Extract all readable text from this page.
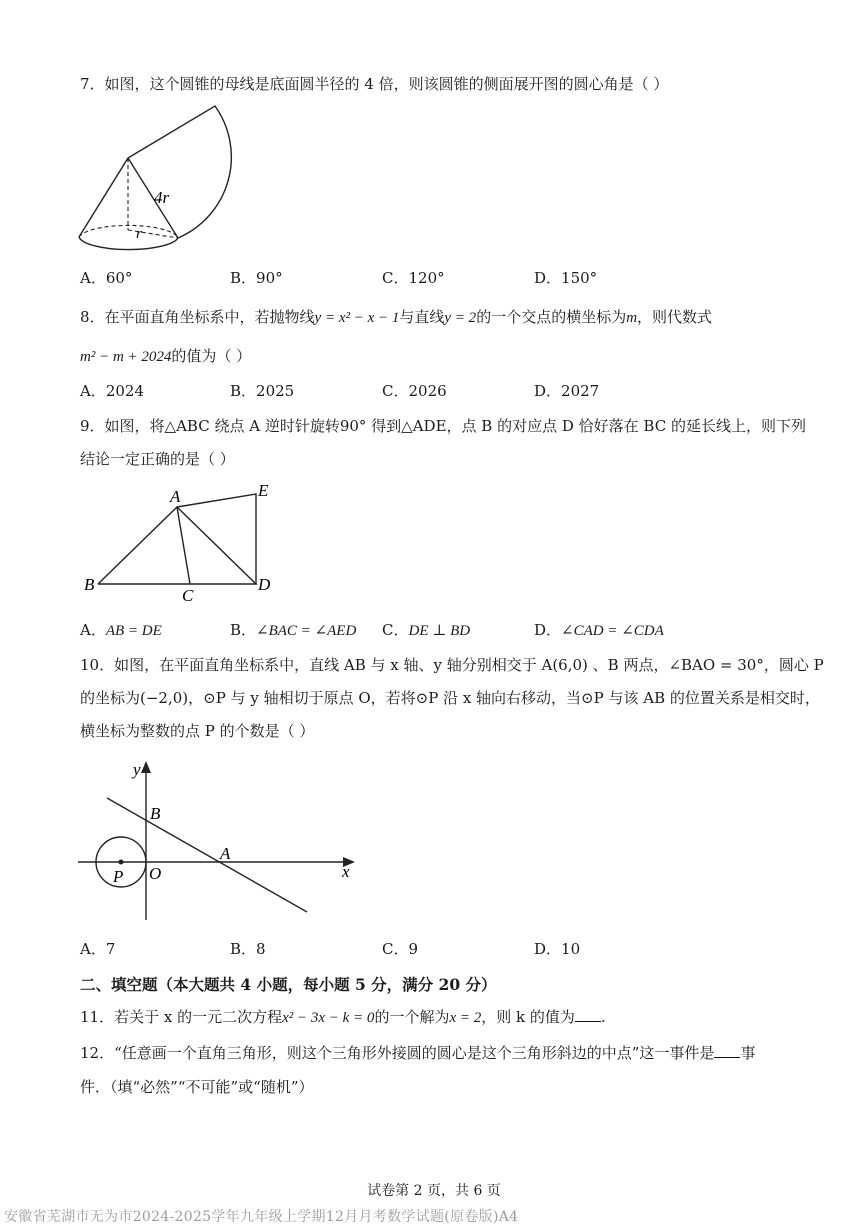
7．如图，这个圆锥的母线是底面圆半径的 4 倍，则该圆锥的侧面展开图的圆心角是（ ）
4r
r
A．60°	B．90°	C．120°	D．150°
8．在平面直角坐标系中，若抛物线y = x² − x − 1与直线y = 2的一个交点的横坐标为m，则代数式
m² − m + 2024的值为（ ）
A．2024	B．2025	C．2026	D．2027
9．如图，将△ABC 绕点 A 逆时针旋转90° 得到△ADE，点 B 的对应点 D 恰好落在 BC 的延长线上，则下列
结论一定正确的是（ ）
A	E
B
C
D
A．AB = DE	B．∠BAC = ∠AED C．DE ⊥ BD	D．∠CAD = ∠CDA
10．如图，在平面直角坐标系中，直线 AB 与 x 轴、y 轴分别相交于 A(6,0) 、B 两点，∠BAO = 30°，圆心 P
的坐标为(−2,0)，⊙P 与 y 轴相切于原点 O，若将⊙P 沿 x 轴向右移动，当⊙P 与该 AB 的位置关系是相交时，
横坐标为整数的点 P 的个数是（ ）
y
x
B
A
O
P
A．7	B．8	C．9	D．10
二、填空题（本大题共 4 小题，每小题 5 分，满分 20 分）
11．若关于 x 的一元二次方程x² − 3x − k = 0的一个解为x = 2，则 k 的值为 .
12．“任意画一个直角三角形，则这个三角形外接圆的圆心是这个三角形斜边的中点”这一事件是 事
件．（填“必然”“不可能”或“随机”）
试卷第 2 页，共 6 页
安徽省芜湖市无为市2024-2025学年九年级上学期12月月考数学试题(原卷版)A4
